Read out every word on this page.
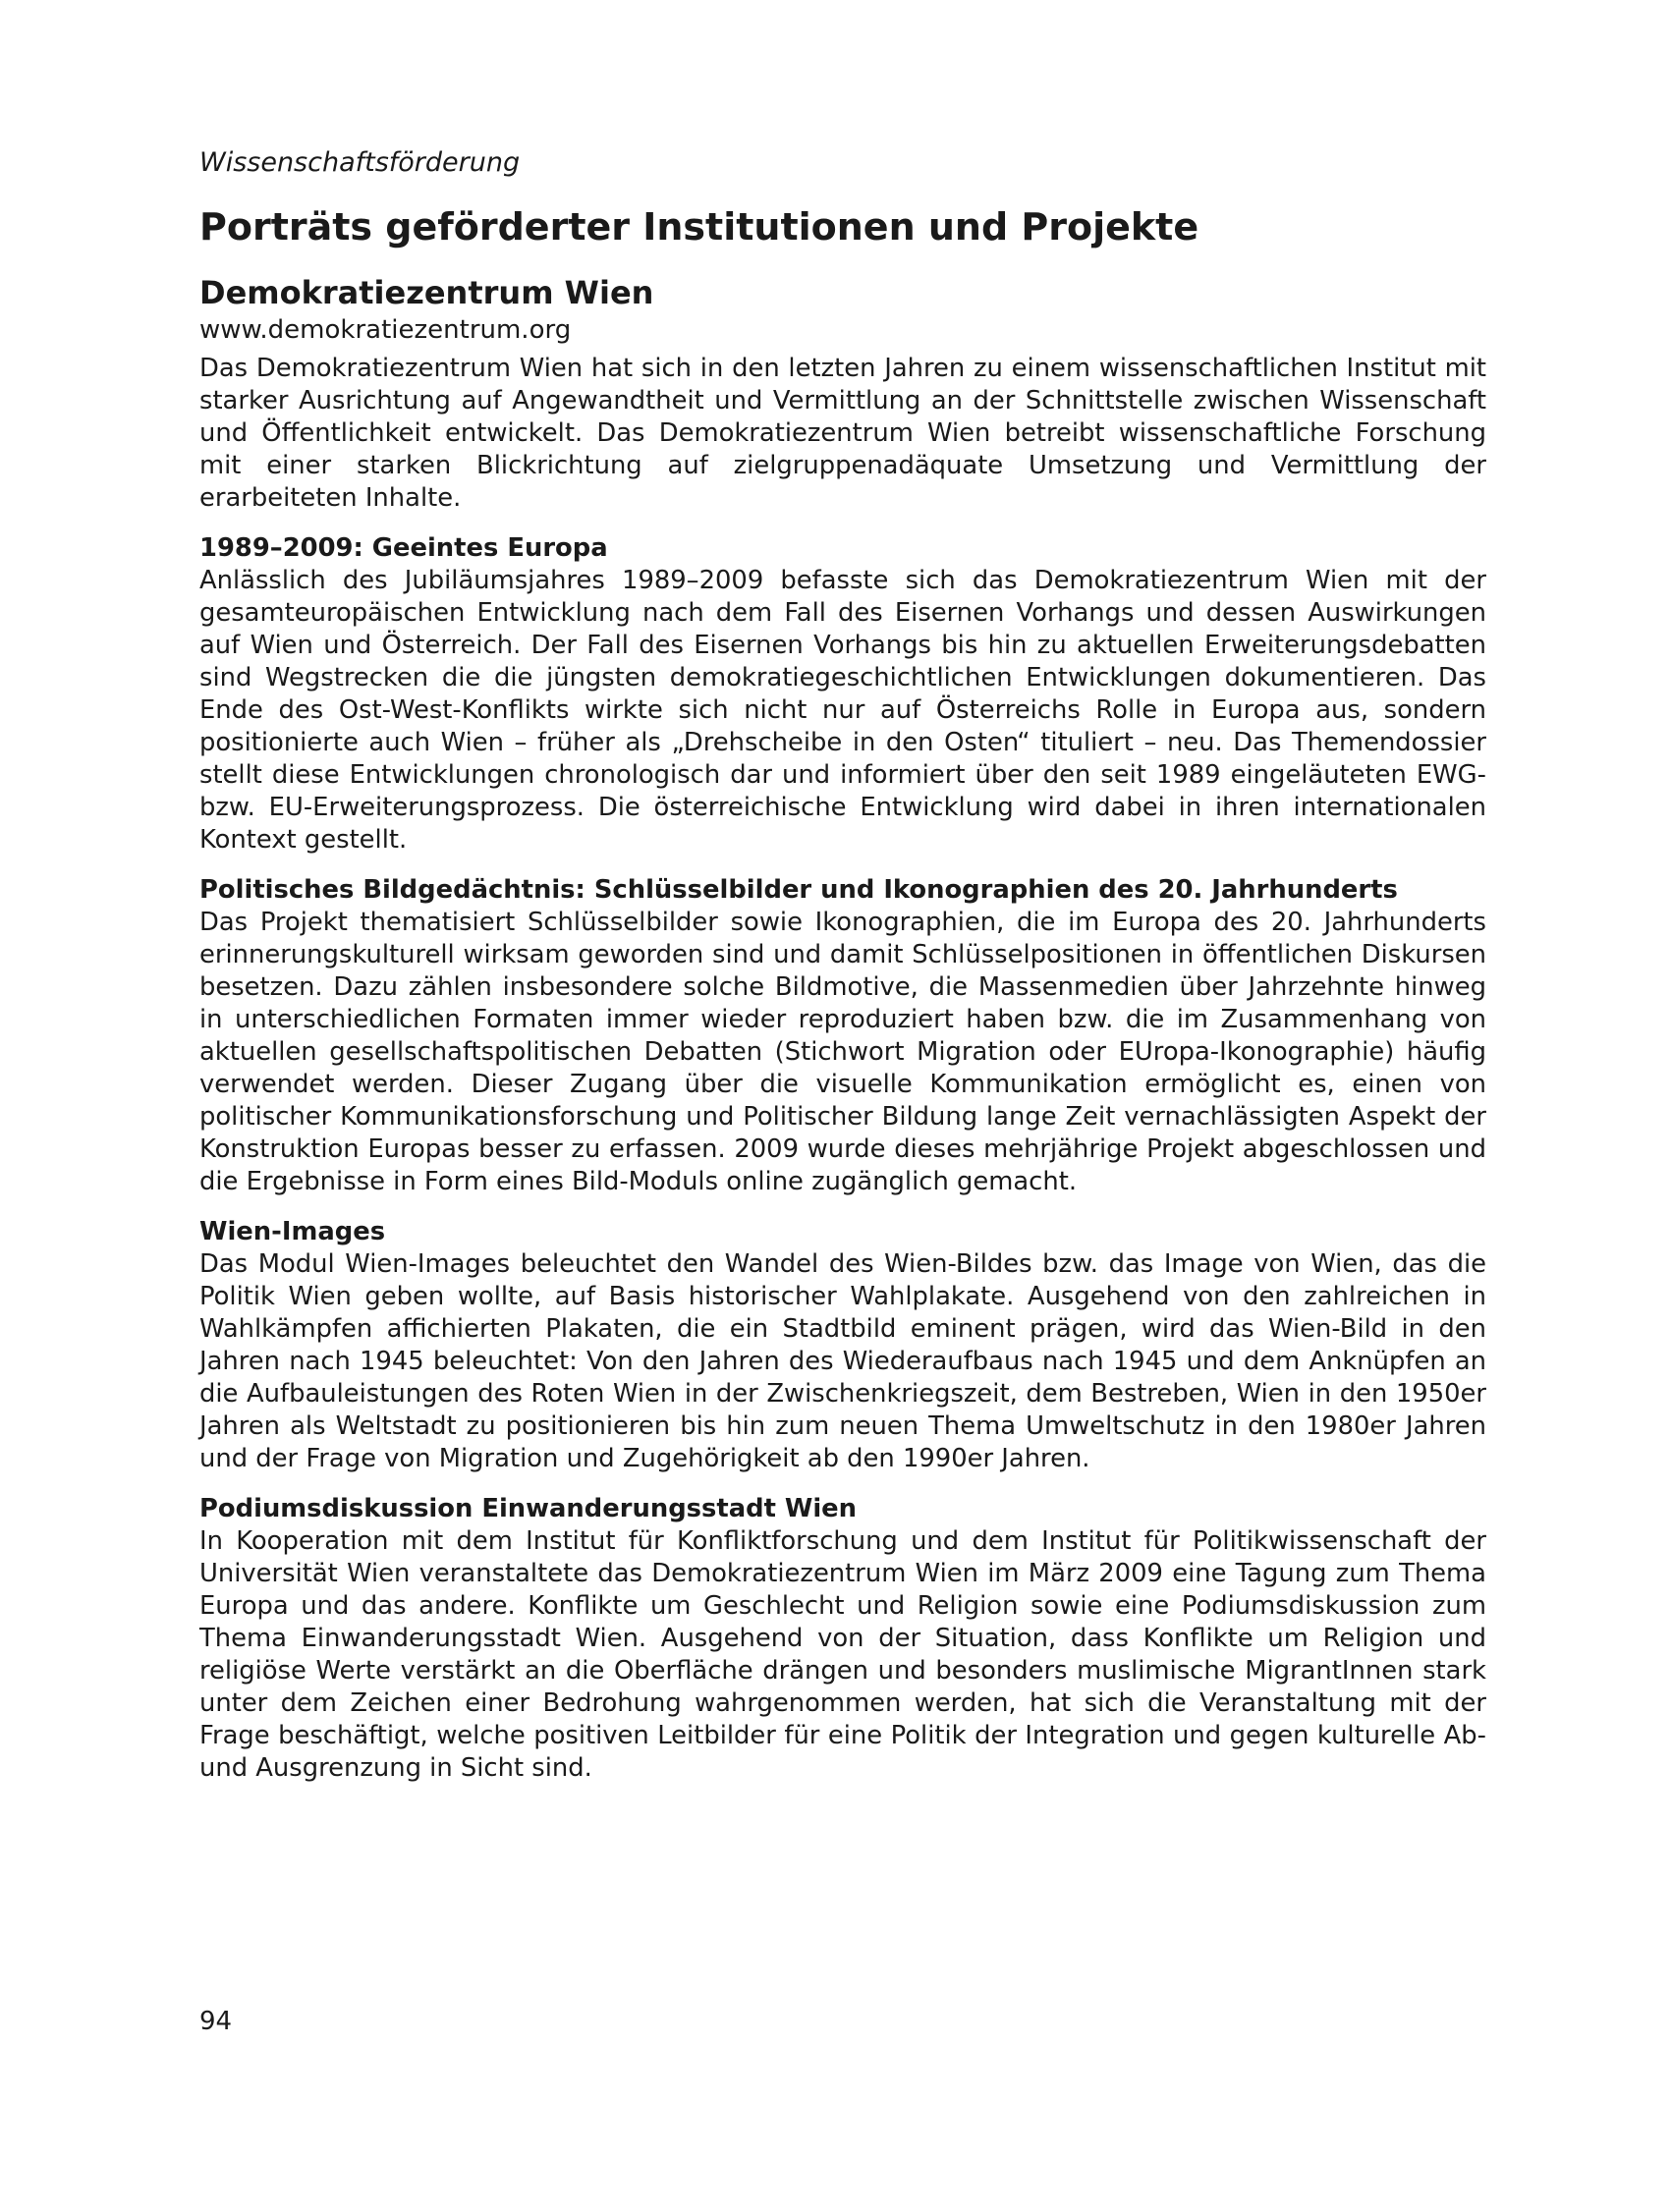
Wissenschaftsförderung
Porträts geförderter Institutionen und Projekte
Demokratiezentrum Wien
www.demokratiezentrum.org

Das Demokratiezentrum Wien hat sich in den letzten Jahren zu einem wissenschaftlichen Institut mit starker Ausrichtung auf Angewandtheit und Vermittlung an der Schnittstelle zwischen Wissenschaft und Öffentlichkeit entwickelt. Das Demokratiezentrum Wien betreibt wissenschaftliche Forschung mit einer starken Blickrichtung auf zielgruppenadäquate Umsetzung und Vermittlung der erarbeiteten Inhalte.

1989–2009: Geeintes Europa

Anlässlich des Jubiläumsjahres 1989–2009 befasste sich das Demokratiezentrum Wien mit der gesamteuropäischen Entwicklung nach dem Fall des Eisernen Vorhangs und dessen Auswirkungen auf Wien und Österreich. Der Fall des Eisernen Vorhangs bis hin zu aktuellen Erweiterungsdebatten sind Wegstrecken die die jüngsten demokratiegeschichtlichen Entwicklungen dokumentieren. Das Ende des Ost-West-Konflikts wirkte sich nicht nur auf Österreichs Rolle in Europa aus, sondern positionierte auch Wien – früher als „Drehscheibe in den Osten“ tituliert – neu. Das Themendossier stellt diese Entwicklungen chronologisch dar und informiert über den seit 1989 eingeläuteten EWG- bzw. EU-Erweiterungsprozess. Die österreichische Entwicklung wird dabei in ihren internationalen Kontext gestellt.

Politisches Bildgedächtnis: Schlüsselbilder und Ikonographien des 20. Jahrhunderts

Das Projekt thematisiert Schlüsselbilder sowie Ikonographien, die im Europa des 20. Jahrhunderts erinnerungskulturell wirksam geworden sind und damit Schlüsselpositionen in öffentlichen Diskursen besetzen. Dazu zählen insbesondere solche Bildmotive, die Massenmedien über Jahrzehnte hinweg in unterschiedlichen Formaten immer wieder reproduziert haben bzw. die im Zusammenhang von aktuellen gesellschaftspolitischen Debatten (Stichwort Migration oder EUropa-Ikonographie) häufig verwendet werden. Dieser Zugang über die visuelle Kommunikation ermöglicht es, einen von politischer Kommunikationsforschung und Politischer Bildung lange Zeit vernachlässigten Aspekt der Konstruktion Europas besser zu erfassen. 2009 wurde dieses mehrjährige Projekt abgeschlossen und die Ergebnisse in Form eines Bild-Moduls online zugänglich gemacht.

Wien-Images

Das Modul Wien-Images beleuchtet den Wandel des Wien-Bildes bzw. das Image von Wien, das die Politik Wien geben wollte, auf Basis historischer Wahlplakate. Ausgehend von den zahlreichen in Wahlkämpfen affichierten Plakaten, die ein Stadtbild eminent prägen, wird das Wien-Bild in den Jahren nach 1945 beleuchtet: Von den Jahren des Wiederaufbaus nach 1945 und dem Anknüpfen an die Aufbauleistungen des Roten Wien in der Zwischenkriegszeit, dem Bestreben, Wien in den 1950er Jahren als Weltstadt zu positionieren bis hin zum neuen Thema Umweltschutz in den 1980er Jahren und der Frage von Migration und Zugehörigkeit ab den 1990er Jahren.

Podiumsdiskussion Einwanderungsstadt Wien

In Kooperation mit dem Institut für Konfliktforschung und dem Institut für Politikwissenschaft der Universität Wien veranstaltete das Demokratiezentrum Wien im März 2009 eine Tagung zum Thema Europa und das andere. Konflikte um Geschlecht und Religion sowie eine Podiumsdiskussion zum Thema Einwanderungsstadt Wien. Ausgehend von der Situation, dass Konflikte um Religion und religiöse Werte verstärkt an die Oberfläche drängen und besonders muslimische MigrantInnen stark unter dem Zeichen einer Bedrohung wahrgenommen werden, hat sich die Veranstaltung mit der Frage beschäftigt, welche positiven Leitbilder für eine Politik der Integration und gegen kulturelle Ab- und Ausgrenzung in Sicht sind.

94
